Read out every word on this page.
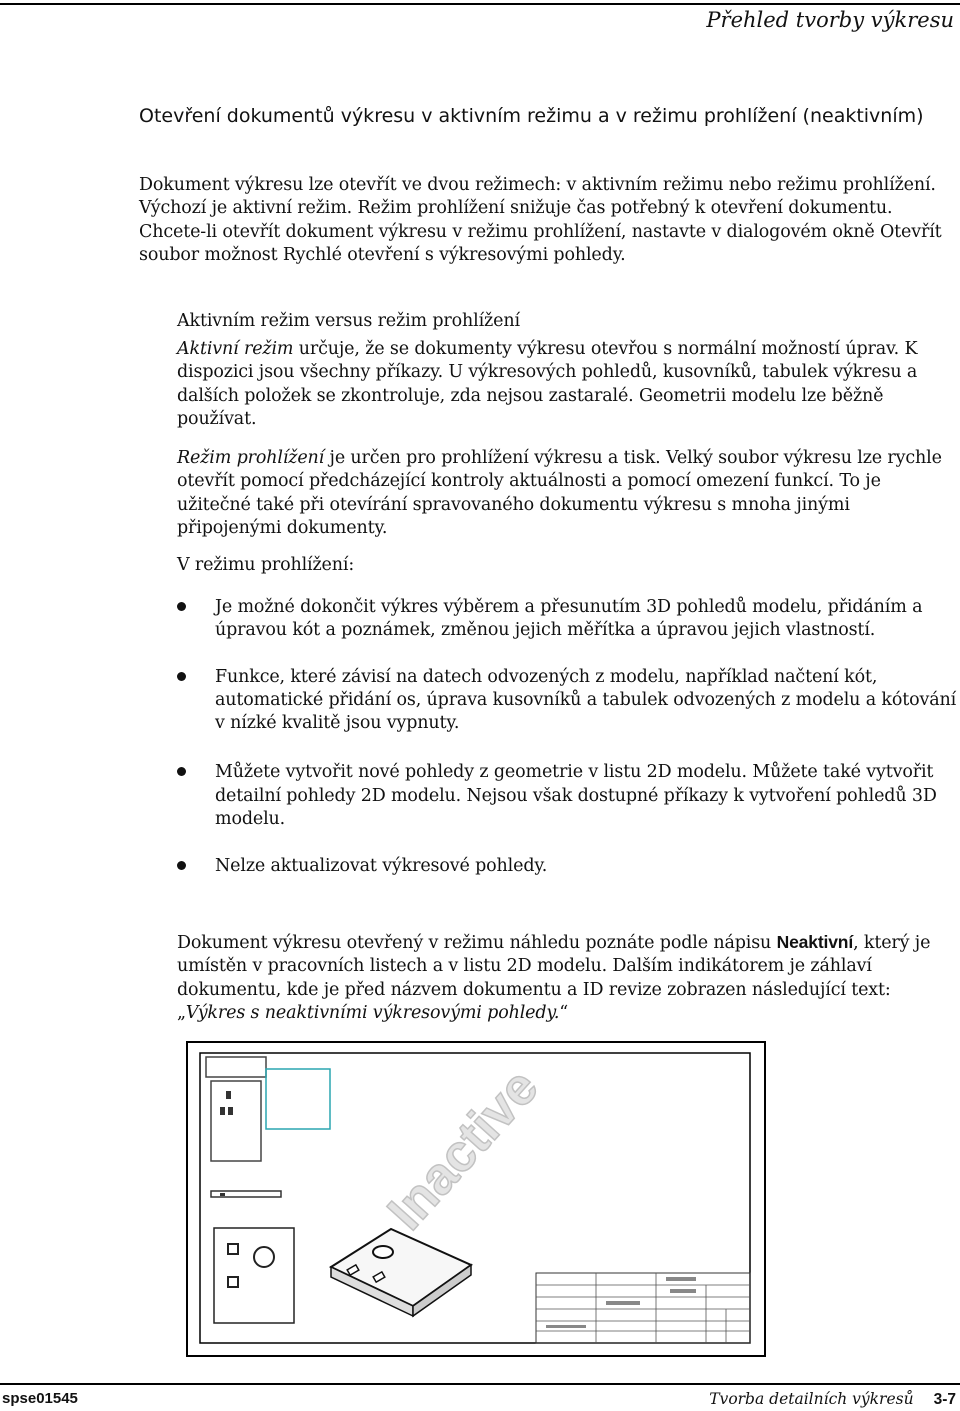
Přehled tvorby výkresu
Otevření dokumentů výkresu v aktivním režimu a v režimu prohlížení (neaktivním)
Dokument výkresu lze otevřít ve dvou režimech: v aktivním režimu nebo režimu prohlížení. Výchozí je aktivní režim. Režim prohlížení snižuje čas potřebný k otevření dokumentu. Chcete-li otevřít dokument výkresu v režimu prohlížení, nastavte v dialogovém okně Otevřít soubor možnost Rychlé otevření s výkresovými pohledy.
Aktivním režim versus režim prohlížení
Aktivní režim určuje, že se dokumenty výkresu otevřou s normální možností úprav. K dispozici jsou všechny příkazy. U výkresových pohledů, kusovníků, tabulek výkresu a dalších položek se zkontroluje, zda nejsou zastaralé. Geometrii modelu lze běžně používat.
Režim prohlížení je určen pro prohlížení výkresu a tisk. Velký soubor výkresu lze rychle otevřít pomocí předcházející kontroly aktuálnosti a pomocí omezení funkcí. To je užitečné také při otevírání spravovaného dokumentu výkresu s mnoha jinými připojenými dokumenty.
V režimu prohlížení:
Je možné dokončit výkres výběrem a přesunutím 3D pohledů modelu, přidáním a úpravou kót a poznámek, změnou jejich měřítka a úpravou jejich vlastností.
Funkce, které závisí na datech odvozených z modelu, například načtení kót, automatické přidání os, úprava kusovníků a tabulek odvozených z modelu a kótování v nízké kvalitě jsou vypnuty.
Můžete vytvořit nové pohledy z geometrie v listu 2D modelu. Můžete také vytvořit detailní pohledy 2D modelu. Nejsou však dostupné příkazy k vytvoření pohledů 3D modelu.
Nelze aktualizovat výkresové pohledy.
Dokument výkresu otevřený v režimu náhledu poznáte podle nápisu Neaktivní, který je umístěn v pracovních listech a v listu 2D modelu. Dalším indikátorem je záhlaví dokumentu, kde je před názvem dokumentu a ID revize zobrazen následující text: „Výkres s neaktivními výkresovými pohledy.“
Inactive
spse01545	Tvorba detailních výkresů 3-7
